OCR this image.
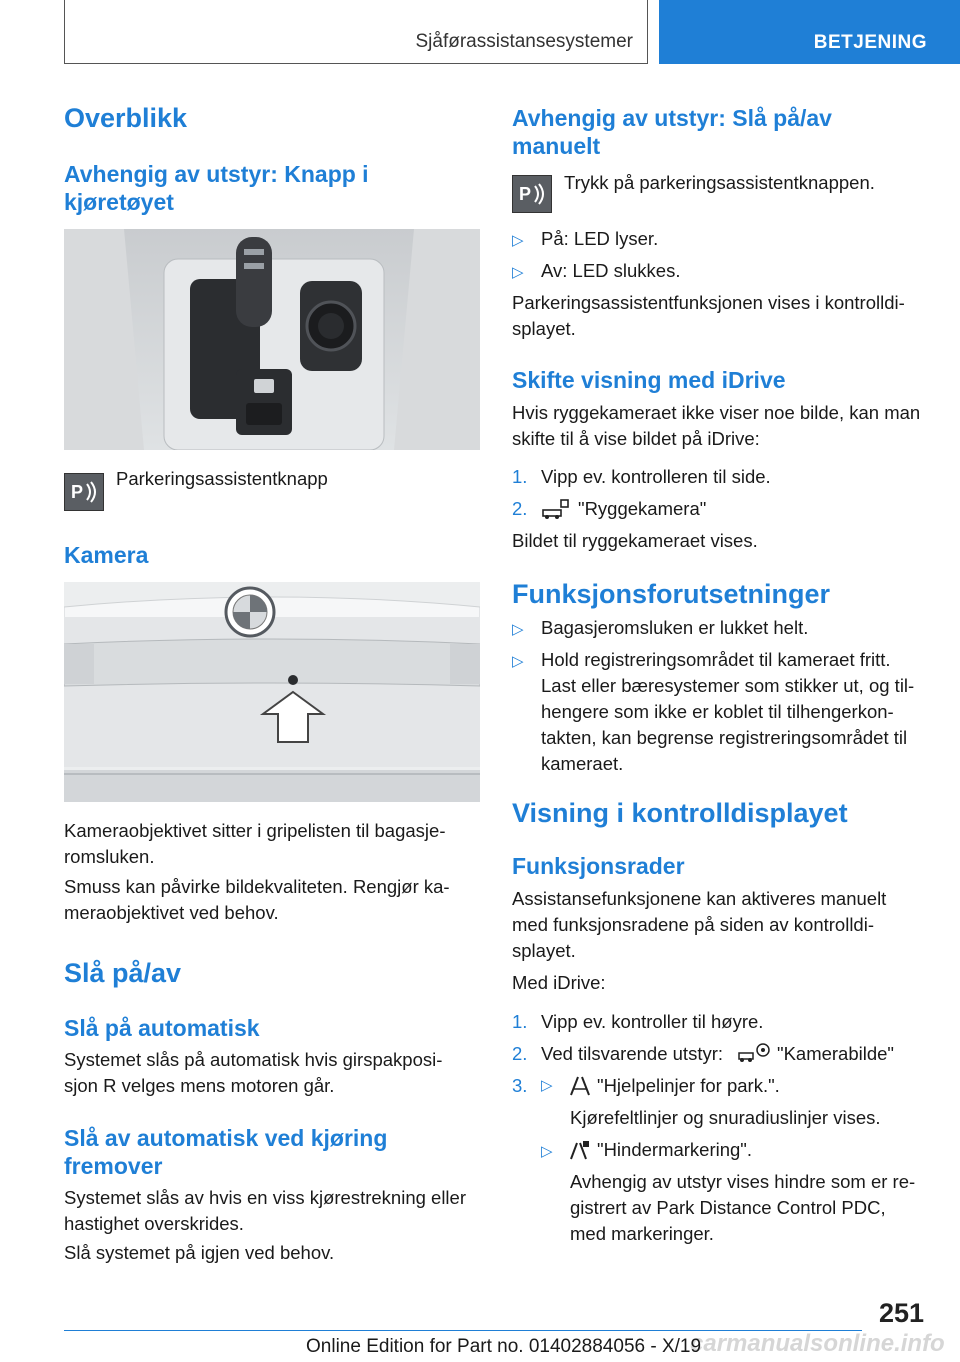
Sjåførassistansesystemer	BETJENING
Overblikk
Avhengig av utstyr: Knapp i
kjøretøyet
P
Parkeringsassistentknapp
Kamera
Kameraobjektivet sitter i gripelisten til bagasje-
romsluken.
Smuss kan påvirke bildekvaliteten. Rengjør ka-
meraobjektivet ved behov.
Slå på/av
Slå på automatisk
Systemet slås på automatisk hvis girspakposi-
sjon R velges mens motoren går.
Slå av automatisk ved kjøring
fremover
Systemet slås av hvis en viss kjørestrekning eller
hastighet overskrides.
Slå systemet på igjen ved behov.
Avhengig av utstyr: Slå på/av
manuelt
P
Trykk på parkeringsassistentknappen.
▷ På: LED lyser.
▷ Av: LED slukkes.
Parkeringsassistentfunksjonen vises i kontrolldi-
splayet.
Skifte visning med iDrive
Hvis ryggekameraet ikke viser noe bilde, kan man
skifte til å vise bildet på iDrive:
1. Vipp ev. kontrolleren til side.
2.	"Ryggekamera"
Bildet til ryggekameraet vises.
Funksjonsforutsetninger
▷ Bagasjeromsluken er lukket helt.
▷ Hold registreringsområdet til kameraet fritt.
Last eller bæresystemer som stikker ut, og til-
hengere som ikke er koblet til tilhengerkon-
takten, kan begrense registreringsområdet til
kameraet.
Visning i kontrolldisplayet
Funksjonsrader
Assistansefunksjonene kan aktiveres manuelt
med funksjonsradene på siden av kontrolldi-
splayet.
Med iDrive:
1. Vipp ev. kontroller til høyre.
2. Ved tilsvarende utstyr:	"Kamerabilde"
3. ▷ "Hjelpelinjer for park.".
Kjørefeltlinjer og snuradiuslinjer vises.
▷ "Hindermarkering".
Avhengig av utstyr vises hindre som er re-
gistrert av Park Distance Control PDC,
med markeringer.
251
carmanualsonline.info
Online Edition for Part no. 01402884056 - X/19
